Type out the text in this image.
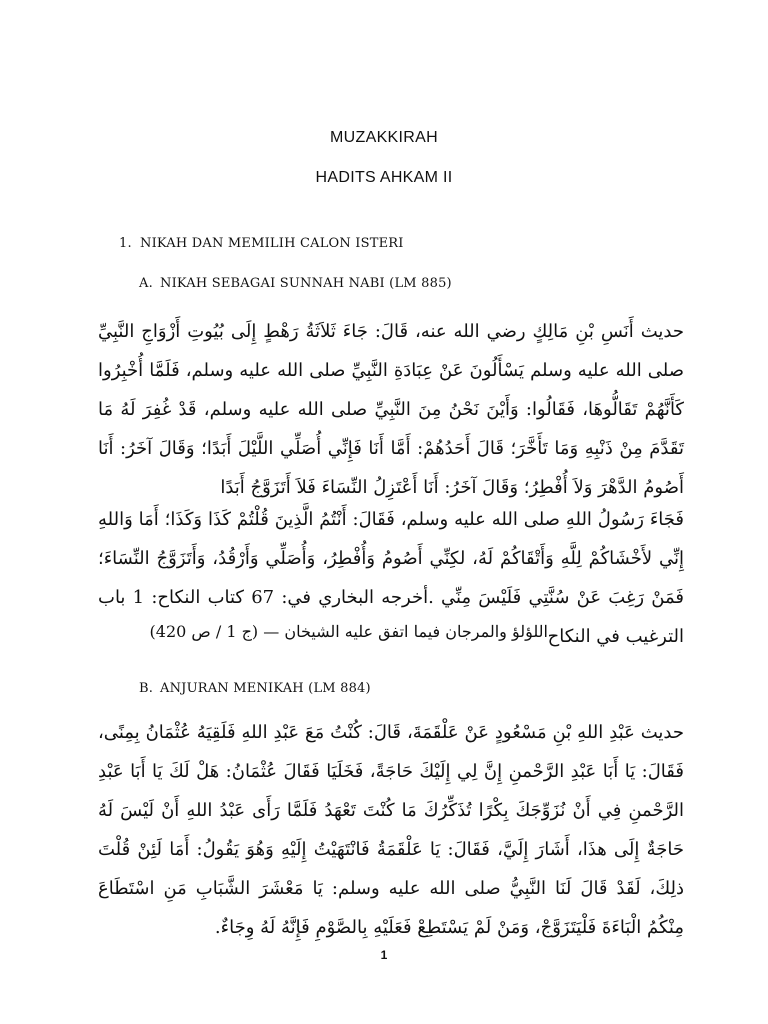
MUZAKKIRAH
HADITS AHKAM II
1. NIKAH DAN MEMILIH CALON ISTERI
A. NIKAH SEBAGAI SUNNAH NABI (LM 885)
حديث أَنَسِ بْنِ مَالِكٍ رضي الله عنه، قَالَ: جَاءَ ثَلاَثَةُ رَهْطٍ إِلَى بُيُوتِ أَزْوَاجِ النَّبِيِّ صلى الله عليه وسلم يَسْأَلُونَ عَنْ عِبَادَةِ النَّبِيِّ صلى الله عليه وسلم، فَلَمَّا أُخْبِرُوا كَأَنَّهُمْ تَقَالُّوهَا، فَقَالُوا: وَأَيْنَ نَحْنُ مِنَ النَّبِيِّ صلى الله عليه وسلم، قَدْ غُفِرَ لَهُ مَا تَقَدَّمَ مِنْ ذَنْبِهِ وَمَا تَأَخَّرَ؛ قَالَ أَحَدُهُمْ: أَمَّا أَنَا فَإِنِّي أُصَلِّي اللَّيْلَ أَبَدًا؛ وَقَالَ آخَرُ: أَنَا أَصُومُ الدَّهْرَ وَلاَ أُفْطِرُ؛ وَقَالَ آخَرُ: أَنَا أَعْتَزِلُ النِّسَاءَ فَلاَ أَتَزَوَّجُ أَبَدًا
فَجَاءَ رَسُولُ اللهِ صلى الله عليه وسلم، فَقَالَ: أَنْتُمُ الَّذِينَ قُلْتُمْ كَذَا وَكَذَا؛ أَمَا وَاللهِ إِنِّي لأَخْشَاكُمْ لِلَّهِ وَأَتْقَاكُمْ لَهُ، لكِنِّي أَصُومُ وَأُفْطِرُ، وَأُصَلِّي وَأَرْقُدُ، وَأَتَزَوَّجُ النِّسَاءَ؛ فَمَنْ رَغِبَ عَنْ سُنَّتِي فَلَيْسَ مِنِّي .أخرجه البخاري في: 67 كتاب النكاح: 1 باب الترغيب في النكاح
اللؤلؤ والمرجان فيما اتفق عليه الشيخان — (ج 1 / ص 420)
B. ANJURAN MENIKAH (LM 884)
حديث عَبْدِ اللهِ بْنِ مَسْعُودٍ عَنْ عَلْقَمَةَ، قَالَ: كُنْتُ مَعَ عَبْدِ اللهِ فَلَقِيَهُ عُثْمَانُ بِمِنًى، فَقَالَ: يَا أَبَا عَبْدِ الرَّحْمنِ إِنَّ لِي إِلَيْكَ حَاجَةً، فَخَلَيَا فَقَالَ عُثْمَانُ: هَلْ لَكَ يَا أَبَا عَبْدِ الرَّحْمنِ فِي أَنْ نُزَوِّجَكَ بِكْرًا تُذَكِّرُكَ مَا كُنْتَ تَعْهَدُ فَلَمَّا رَأَى عَبْدُ اللهِ أَنْ لَيْسَ لَهُ حَاجَةٌ إِلَى هذَا، أَشَارَ إِلَيَّ، فَقَالَ: يَا عَلْقَمَةُ فَانْتَهَيْتُ إِلَيْهِ وَهُوَ يَقُولُ: أَمَا لَئِنْ قُلْتَ ذلِكَ، لَقَدْ قَالَ لَنَا النَّبِيُّ صلى الله عليه وسلم: يَا مَعْشَرَ الشَّبَابِ مَنِ اسْتَطَاعَ مِنْكُمُ الْبَاءَةَ فَلْيَتَزَوَّجْ، وَمَنْ لَمْ يَسْتَطِعْ فَعَلَيْهِ بِالصَّوْمِ فَإِنَّهُ لَهُ وِجَاءٌ.
1
